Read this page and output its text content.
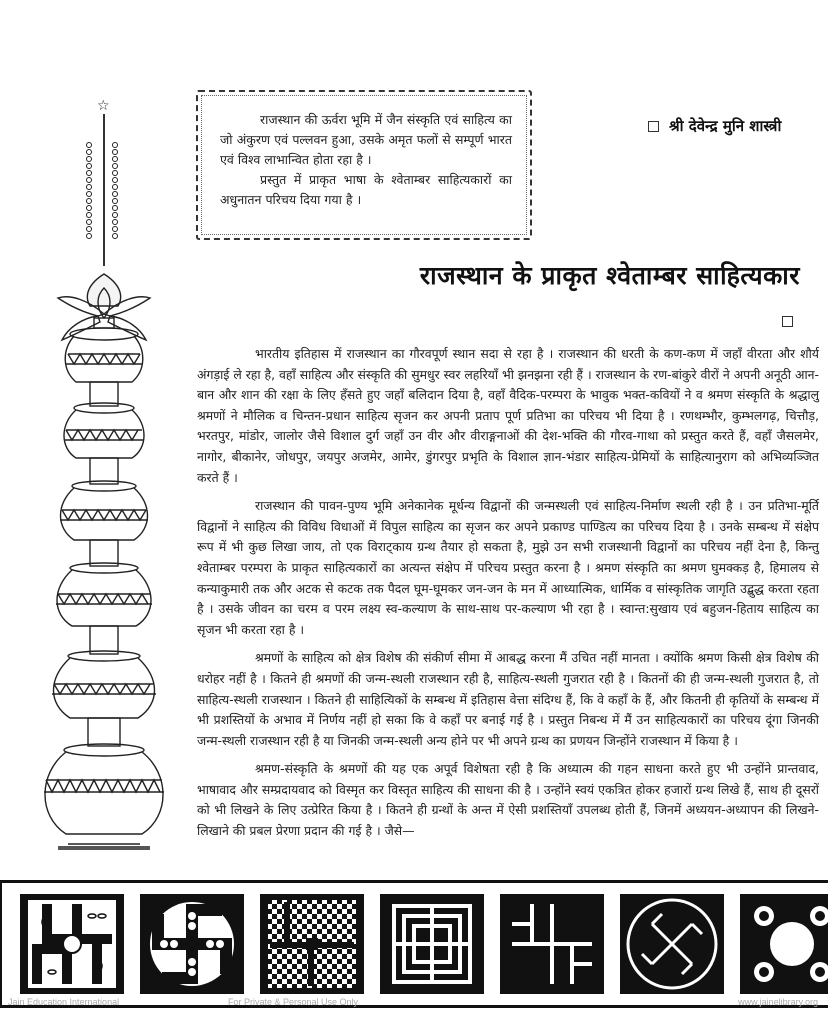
☆

राजस्थान की ऊर्वरा भूमि में जैन संस्कृति एवं साहित्य का जो अंकुरण एवं पल्लवन हुआ, उसके अमृत फलों से सम्पूर्ण भारत एवं विश्व लाभान्वित होता रहा है ।

प्रस्तुत में प्राकृत भाषा के श्वेताम्बर साहित्यकारों का अधुनातन परिचय दिया गया है ।

श्री देवेन्द्र मुनि शास्त्री
राजस्थान के प्राकृत श्वेताम्बर साहित्यकार

भारतीय इतिहास में राजस्थान का गौरवपूर्ण स्थान सदा से रहा है । राजस्थान की धरती के कण-कण में जहाँ वीरता और शौर्य अंगड़ाई ले रहा है, वहाँ साहित्य और संस्कृति की सुमधुर स्वर लहरियाँ भी झनझना रही हैं । राजस्थान के रण-बांकुरे वीरों ने अपनी अनूठी आन-बान और शान की रक्षा के लिए हँसते हुए जहाँ बलिदान दिया है, वहाँ वैदिक-परम्परा के भावुक भक्त-कवियों ने व श्रमण संस्कृति के श्रद्धालु श्रमणों ने मौलिक व चिन्तन-प्रधान साहित्य सृजन कर अपनी प्रताप पूर्ण प्रतिभा का परिचय भी दिया है । रणथम्भौर, कुम्भलगढ़, चित्तौड़, भरतपुर, मांडोर, जालोर जैसे विशाल दुर्ग जहाँ उन वीर और वीराङ्गनाओं की देश-भक्ति की गौरव-गाथा को प्रस्तुत करते हैं, वहाँ जैसलमेर, नागोर, बीकानेर, जोधपुर, जयपुर अजमेर, आमेर, डुंगरपुर प्रभृति के विशाल ज्ञान-भंडार साहित्य-प्रेमियों के साहित्यानुराग को अभिव्यञ्जित करते हैं ।

राजस्थान की पावन-पुण्य भूमि अनेकानेक मूर्धन्य विद्वानों की जन्मस्थली एवं साहित्य-निर्माण स्थली रही है । उन प्रतिभा-मूर्ति विद्वानों ने साहित्य की विविध विधाओं में विपुल साहित्य का सृजन कर अपने प्रकाण्ड पाण्डित्य का परिचय दिया है । उनके सम्बन्ध में संक्षेप रूप में भी कुछ लिखा जाय, तो एक विराट्काय ग्रन्थ तैयार हो सकता है, मुझे उन सभी राजस्थानी विद्वानों का परिचय नहीं देना है, किन्तु श्वेताम्बर परम्परा के प्राकृत साहित्यकारों का अत्यन्त संक्षेप में परिचय प्रस्तुत करना है । श्रमण संस्कृति का श्रमण घुमक्कड़ है, हिमालय से कन्याकुमारी तक और अटक से कटक तक पैदल घूम-घूमकर जन-जन के मन में आध्यात्मिक, धार्मिक व सांस्कृतिक जागृति उद्बुद्ध करता रहता है । उसके जीवन का चरम व परम लक्ष्य स्व-कल्याण के साथ-साथ पर-कल्याण भी रहा है । स्वान्त:सुखाय एवं बहुजन-हिताय साहित्य का सृजन भी करता रहा है ।

श्रमणों के साहित्य को क्षेत्र विशेष की संकीर्ण सीमा में आबद्ध करना मैं उचित नहीं मानता । क्योंकि श्रमण किसी क्षेत्र विशेष की धरोहर नहीं है । कितने ही श्रमणों की जन्म-स्थली राजस्थान रही है, साहित्य-स्थली गुजरात रही है । कितनों की ही जन्म-स्थली गुजरात है, तो साहित्य-स्थली राजस्थान । कितने ही साहित्यिकों के सम्बन्ध में इतिहास वेत्ता संदिग्ध हैं, कि वे कहाँ के हैं, और कितनी ही कृतियों के सम्बन्ध में भी प्रशस्तियों के अभाव में निर्णय नहीं हो सका कि वे कहाँ पर बनाई गई है । प्रस्तुत निबन्ध में मैं उन साहित्यकारों का परिचय दूंगा जिनकी जन्म-स्थली राजस्थान रही है या जिनकी जन्म-स्थली अन्य होने पर भी अपने ग्रन्थ का प्रणयन जिन्होंने राजस्थान में किया है ।

श्रमण-संस्कृति के श्रमणों की यह एक अपूर्व विशेषता रही है कि अध्यात्म की गहन साधना करते हुए भी उन्होंने प्रान्तवाद, भाषावाद और सम्प्रदायवाद को विस्मृत कर विस्तृत साहित्य की साधना की है । उन्होंने स्वयं एकत्रित होकर हजारों ग्रन्थ लिखे हैं, साथ ही दूसरों को भी लिखने के लिए उत्प्रेरित किया है । कितने ही ग्रन्थों के अन्त में ऐसी प्रशस्तियाँ उपलब्ध होती हैं, जिनमें अध्ययन-अध्यापन की लिखने-लिखाने की प्रबल प्रेरणा प्रदान की गई है । जैसे—

Jain Education International	For Private & Personal Use Only	www.jainelibrary.org
